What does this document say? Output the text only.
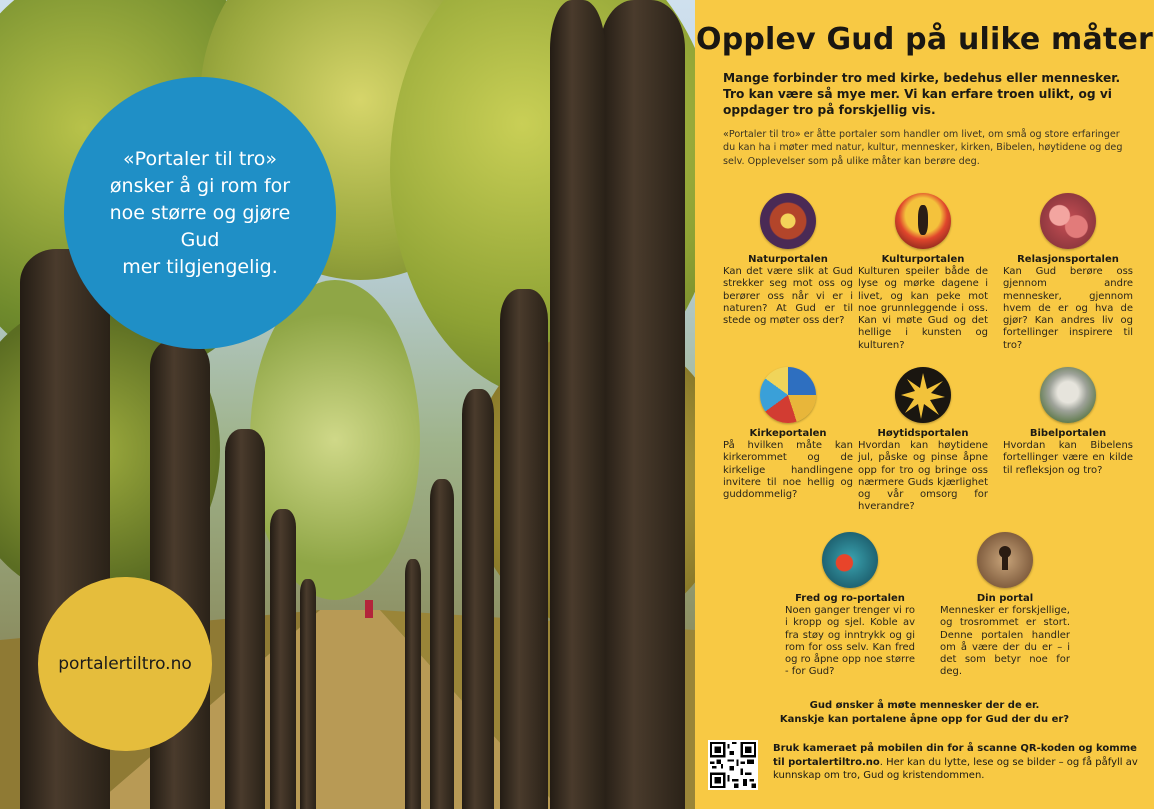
«Portaler til tro»
ønsker å gi rom for
noe større og gjøre Gud
mer tilgjengelig.
portalertiltro.no
Opplev Gud på ulike måter

Mange forbinder tro med kirke, bedehus eller mennesker. Tro kan være så mye mer. Vi kan erfare troen ulikt, og vi oppdager tro på forskjellig vis.

«Portaler til tro» er åtte portaler som handler om livet, om små og store erfaringer du kan ha i møter med natur, kultur, mennesker, kirken, Bibelen, høytidene og deg selv. Opplevelser som på ulike måter kan berøre deg.

Naturportalen
Kan det være slik at Gud strekker seg mot oss og berører oss når vi er i naturen? At Gud er til stede og møter oss der?
Kulturportalen
Kulturen speiler både de lyse og mørke dagene i livet, og kan peke mot noe grunnleggende i oss. Kan vi møte Gud og det hellige i kunsten og kulturen?
Relasjonsportalen
Kan Gud berøre oss gjennom andre mennesker, gjennom hvem de er og hva de gjør? Kan andres liv og fortellinger inspirere til tro?
Kirkeportalen
På hvilken måte kan kirkerommet og de kirkelige handlingene invitere til noe hellig og guddommelig?
Høytidsportalen
Hvordan kan høytidene jul, påske og pinse åpne opp for tro og bringe oss nærmere Guds kjærlighet og vår omsorg for hverandre?
Bibelportalen
Hvordan kan Bibelens fortellinger være en kilde til refleksjon og tro?
Fred og ro-portalen
Noen ganger trenger vi ro i kropp og sjel. Koble av fra støy og inntrykk og gi rom for oss selv. Kan fred og ro åpne opp noe større - for Gud?
Din portal
Mennesker er forskjellige, og trosrommet er stort. Denne portalen handler om å være der du er – i det som betyr noe for deg.
Gud ønsker å møte mennesker der de er.
Kanskje kan portalene åpne opp for Gud der du er?
Bruk kameraet på mobilen din for å scanne QR-koden og komme til portalertiltro.no. Her kan du lytte, lese og se bilder – og få påfyll av kunnskap om tro, Gud og kristendommen.
